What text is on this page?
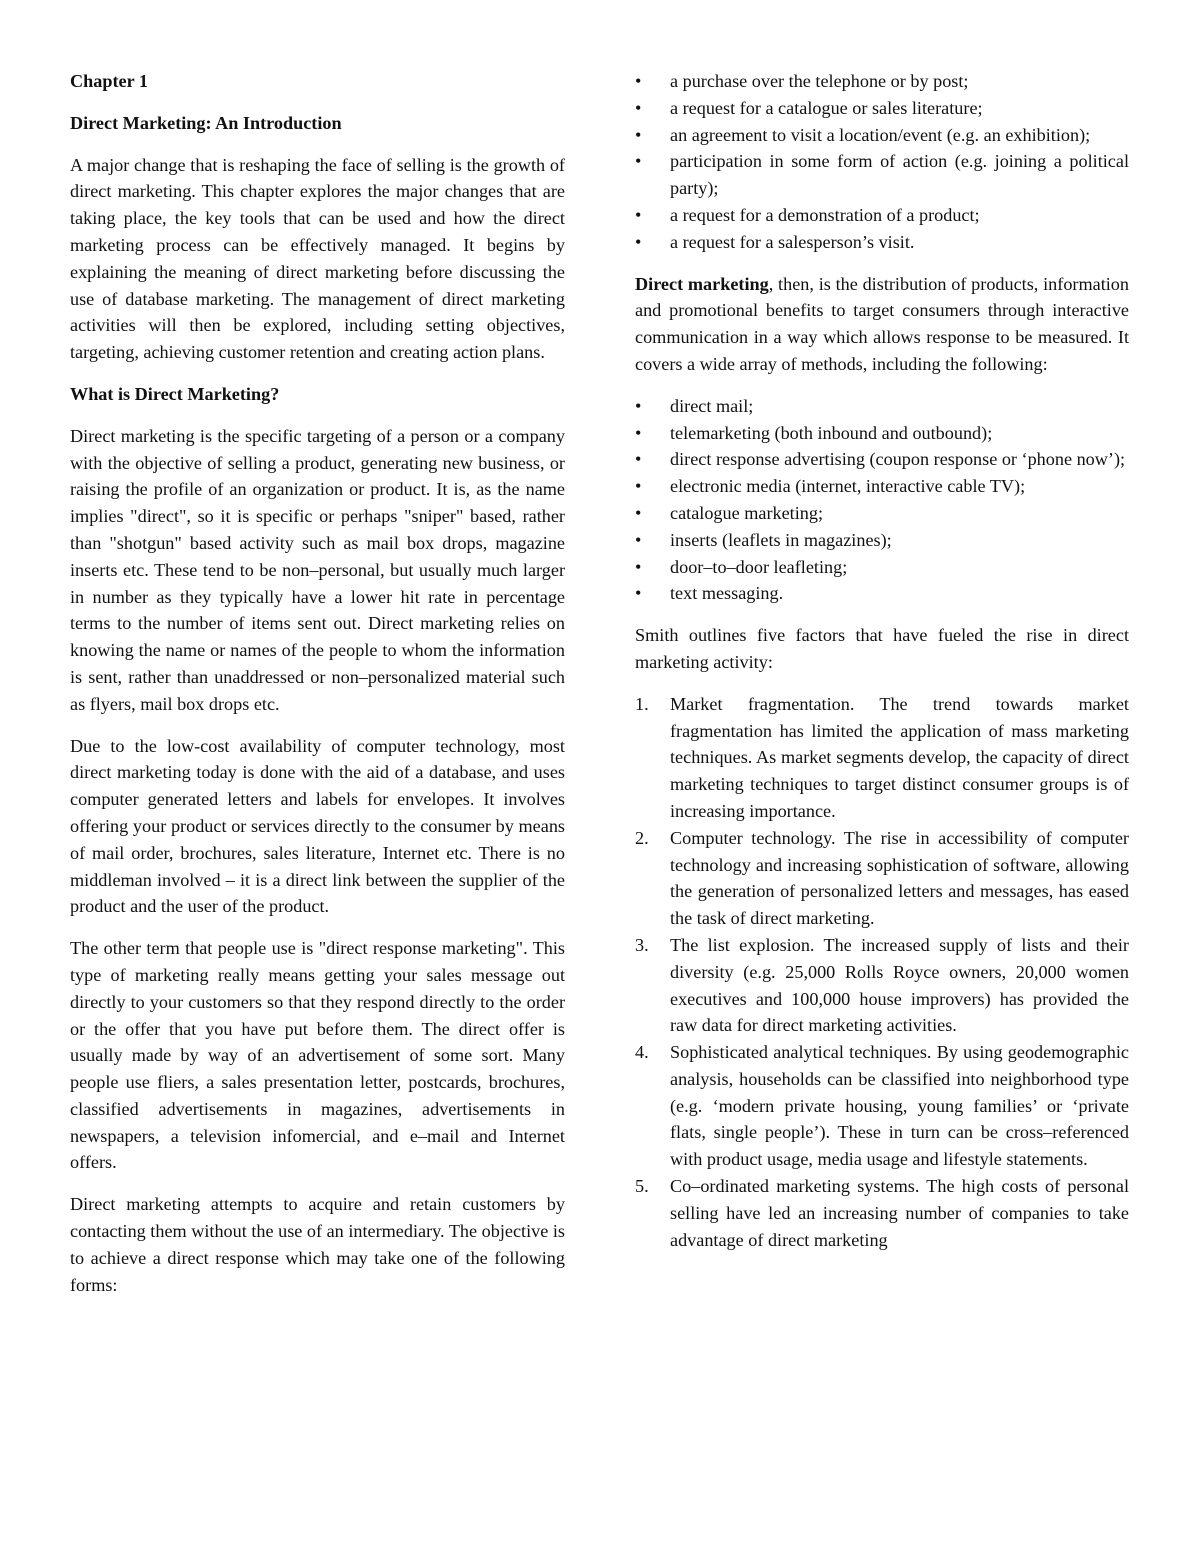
Chapter 1

Direct Marketing: An Introduction

A major change that is reshaping the face of selling is the growth of direct marketing. This chapter explores the major changes that are taking place, the key tools that can be used and how the direct marketing process can be effectively managed. It begins by explaining the meaning of direct marketing before discussing the use of database marketing. The management of direct marketing activities will then be explored, including setting objectives, targeting, achieving customer retention and creating action plans.

What is Direct Marketing?

Direct marketing is the specific targeting of a person or a company with the objective of selling a product, generating new business, or raising the profile of an organization or product. It is, as the name implies "direct", so it is specific or perhaps "sniper" based, rather than "shotgun" based activity such as mail box drops, magazine inserts etc. These tend to be non–personal, but usually much larger in number as they typically have a lower hit rate in percentage terms to the number of items sent out. Direct marketing relies on knowing the name or names of the people to whom the information is sent, rather than unaddressed or non–personalized material such as flyers, mail box drops etc.

Due to the low-cost availability of computer technology, most direct marketing today is done with the aid of a database, and uses computer generated letters and labels for envelopes. It involves offering your product or services directly to the consumer by means of mail order, brochures, sales literature, Internet etc. There is no middleman involved – it is a direct link between the supplier of the product and the user of the product.

The other term that people use is "direct response marketing". This type of marketing really means getting your sales message out directly to your customers so that they respond directly to the order or the offer that you have put before them. The direct offer is usually made by way of an advertisement of some sort. Many people use fliers, a sales presentation letter, postcards, brochures, classified advertisements in magazines, advertisements in newspapers, a television infomercial, and e–mail and Internet offers.

Direct marketing attempts to acquire and retain customers by contacting them without the use of an intermediary. The objective is to achieve a direct response which may take one of the following forms:

•	a purchase over the telephone or by post;
•	a request for a catalogue or sales literature;
•	an agreement to visit a location/event (e.g. an exhibition);
•	participation in some form of action (e.g. joining a political party);
•	a request for a demonstration of a product;
•	a request for a salesperson’s visit.

Direct marketing, then, is the distribution of products, information and promotional benefits to target consumers through interactive communication in a way which allows response to be measured. It covers a wide array of methods, including the following:

•	direct mail;
•	telemarketing (both inbound and outbound);
•	direct response advertising (coupon response or ‘phone now’);
•	electronic media (internet, interactive cable TV);
•	catalogue marketing;
•	inserts (leaflets in magazines);
•	door–to–door leafleting;
•	text messaging.

Smith outlines five factors that have fueled the rise in direct marketing activity:

1.	Market fragmentation. The trend towards market fragmentation has limited the application of mass marketing techniques. As market segments develop, the capacity of direct marketing techniques to target distinct consumer groups is of increasing importance.
2.	Computer technology. The rise in accessibility of computer technology and increasing sophistication of software, allowing the generation of personalized letters and messages, has eased the task of direct marketing.
3.	The list explosion. The increased supply of lists and their diversity (e.g. 25,000 Rolls Royce owners, 20,000 women executives and 100,000 house improvers) has provided the raw data for direct marketing activities.
4.	Sophisticated analytical techniques. By using geodemographic analysis, households can be classified into neighborhood type (e.g. ‘modern private housing, young families’ or ‘private flats, single people’). These in turn can be cross–referenced with product usage, media usage and lifestyle statements.
5.	Co–ordinated marketing systems. The high costs of personal selling have led an increasing number of companies to take advantage of direct marketing
